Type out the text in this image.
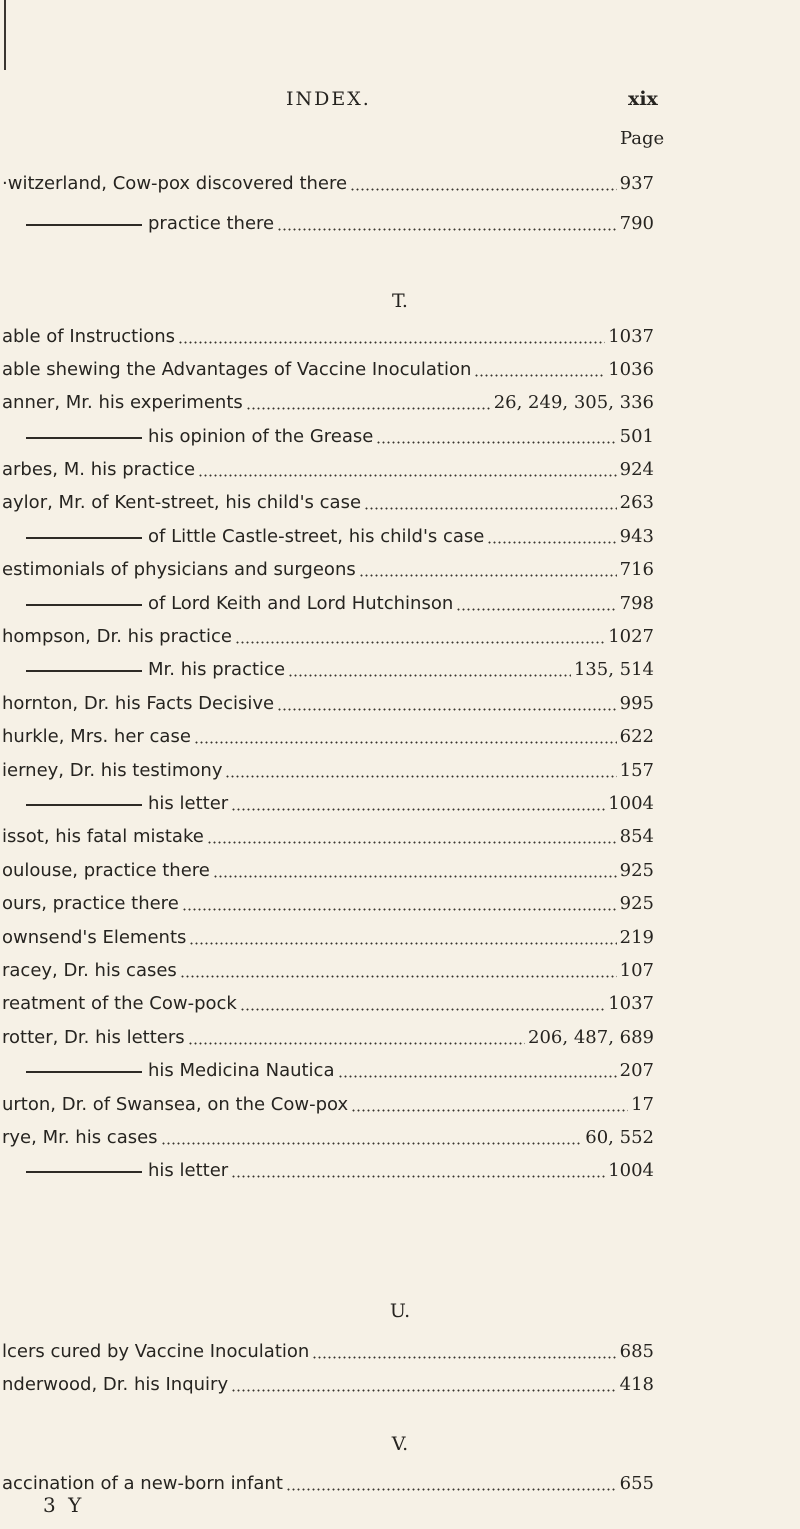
INDEX.	xix
Page
·witzerland, Cow-pox discovered there	937
practice there	790
able of Instructions	1037
able shewing the Advantages of Vaccine Inoculation	1036
anner, Mr. his experiments	26, 249, 305, 336
his opinion of the Grease	501
arbes, M. his practice	924
aylor, Mr. of Kent-street, his child's case	263
of Little Castle-street, his child's case	943
estimonials of physicians and surgeons	716
of Lord Keith and Lord Hutchinson	798
hompson, Dr. his practice	1027
Mr. his practice	135, 514
hornton, Dr. his Facts Decisive	995
hurkle, Mrs. her case	622
ierney, Dr. his testimony	157
his letter	1004
issot, his fatal mistake	854
oulouse, practice there	925
ours, practice there	925
ownsend's Elements	219
racey, Dr. his cases	107
reatment of the Cow-pock	1037
rotter, Dr. his letters	206, 487, 689
his Medicina Nautica	207
urton, Dr. of Swansea, on the Cow-pox	17
rye, Mr. his cases	60, 552
his letter	1004
lcers cured by Vaccine Inoculation	685
nderwood, Dr. his Inquiry	418
accination of a new-born infant	655
U.
V.
T.
3 Y
